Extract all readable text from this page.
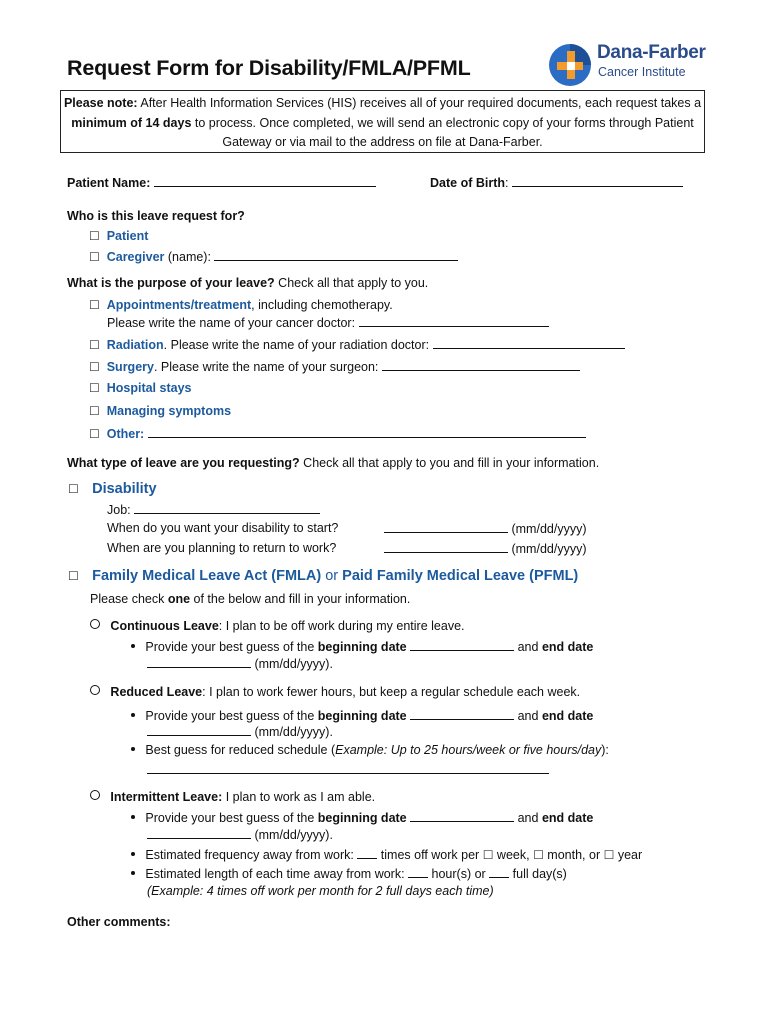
Request Form for Disability/FMLA/PFML
Dana-Farber
Cancer Institute
Please note: After Health Information Services (HIS) receives all of your required documents, each request takes a minimum of 14 days to process. Once completed, we will send an electronic copy of your forms through Patient Gateway or via mail to the address on file at Dana-Farber.
Patient Name:	Date of Birth:
Who is this leave request for?
☐ Patient
☐ Caregiver (name):
What is the purpose of your leave? Check all that apply to you.
☐ Appointments/treatment, including chemotherapy.
Please write the name of your cancer doctor:
☐ Radiation. Please write the name of your radiation doctor:
☐ Surgery. Please write the name of your surgeon:
☐ Hospital stays
☐ Managing symptoms
☐ Other:
What type of leave are you requesting? Check all that apply to you and fill in your information.
☐ Disability
Job:
When do you want your disability to start?	(mm/dd/yyyy)
When are you planning to return to work?	(mm/dd/yyyy)
☐ Family Medical Leave Act (FMLA) or Paid Family Medical Leave (PFML)
Please check one of the below and fill in your information.
Continuous Leave: I plan to be off work during my entire leave.
Provide your best guess of the beginning date	and end date
(mm/dd/yyyy).
Reduced Leave: I plan to work fewer hours, but keep a regular schedule each week.
Provide your best guess of the beginning date	and end date
(mm/dd/yyyy).
Best guess for reduced schedule (Example: Up to 25 hours/week or five hours/day):
Intermittent Leave: I plan to work as I am able.
Provide your best guess of the beginning date	and end date
(mm/dd/yyyy).
Estimated frequency away from work:  times off work per ☐ week, ☐ month, or ☐ year
Estimated length of each time away from work:  hour(s) or  full day(s)
(Example: 4 times off work per month for 2 full days each time)
Other comments:
